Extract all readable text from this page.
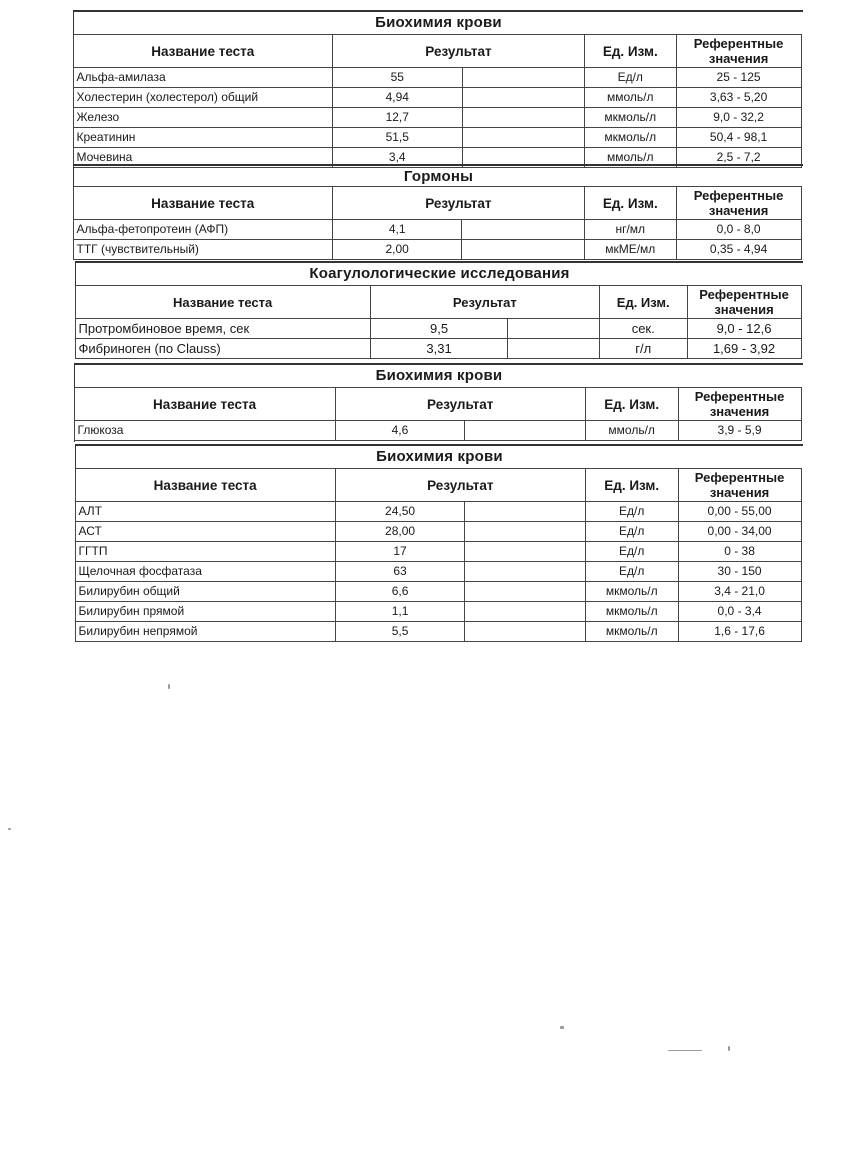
Биохимия крови
Название теста	Результат		Ед. Изм.	Референтные значения
Альфа-амилаза	55		Ед/л	25 - 125
Холестерин (холестерол) общий	4,94		ммоль/л	3,63 - 5,20
Железо	12,7		мкмоль/л	9,0 - 32,2
Креатинин	51,5		мкмоль/л	50,4 - 98,1
Мочевина	3,4		ммоль/л	2,5 - 7,2
Гормоны
Название теста	Результат		Ед. Изм.	Референтные значения
Альфа-фетопротеин (АФП)	4,1		нг/мл	0,0 - 8,0
ТТГ (чувствительный)	2,00		мкМЕ/мл	0,35 - 4,94
Коагулологические исследования
Название теста	Результат		Ед. Изм.	Референтные значения
Протромбиновое время, сек	9,5		сек.	9,0 - 12,6
Фибриноген (по Clauss)	3,31		г/л	1,69 - 3,92
Биохимия крови
Название теста	Результат		Ед. Изм.	Референтные значения
Глюкоза	4,6		ммоль/л	3,9 - 5,9
Биохимия крови
Название теста	Результат		Ед. Изм.	Референтные значения
АЛТ	24,50		Ед/л	0,00 - 55,00
АСТ	28,00		Ед/л	0,00 - 34,00
ГГТП	17		Ед/л	0 - 38
Щелочная фосфатаза	63		Ед/л	30 - 150
Билирубин общий	6,6		мкмоль/л	3,4 - 21,0
Билирубин прямой	1,1		мкмоль/л	0,0 - 3,4
Билирубин непрямой	5,5		мкмоль/л	1,6 - 17,6
